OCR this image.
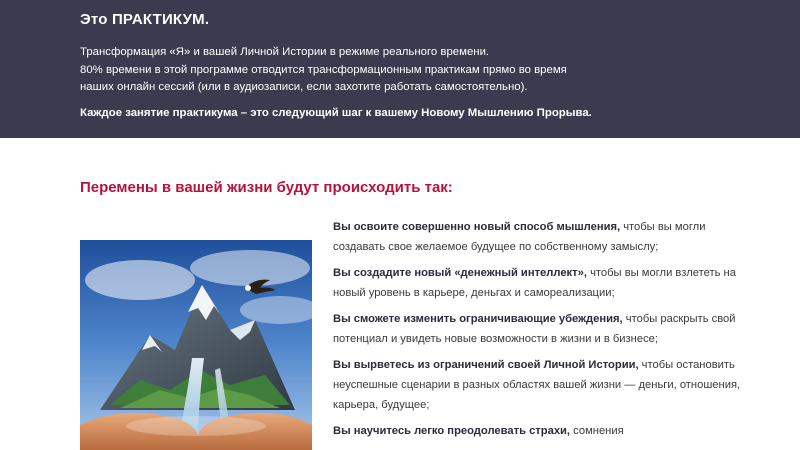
Это ПРАКТИКУМ.
Трансформация «Я» и вашей Личной Истории в режиме реального времени.
80% времени в этой программе отводится трансформационным практикам прямо во время
наших онлайн сессий (или в аудиозаписи, если захотите работать самостоятельно).
Каждое занятие практикума – это следующий шаг к вашему Новому Мышлению Прорыва.
Перемены в вашей жизни будут происходить так:

Вы освоите совершенно новый способ мышления, чтобы вы могли создавать свое желаемое будущее по собственному замыслу;

Вы создадите новый «денежный интеллект», чтобы вы могли взлететь на новый уровень в карьере, деньгах и самореализации;

Вы сможете изменить ограничивающие убеждения, чтобы раскрыть свой потенциал и увидеть новые возможности в жизни и в бизнесе;

Вы вырветесь из ограничений своей Личной Истории, чтобы остановить неуспешные сценарии в разных областях вашей жизни — деньги, отношения, карьера, будущее;

Вы научитесь легко преодолевать страхи, сомнения
